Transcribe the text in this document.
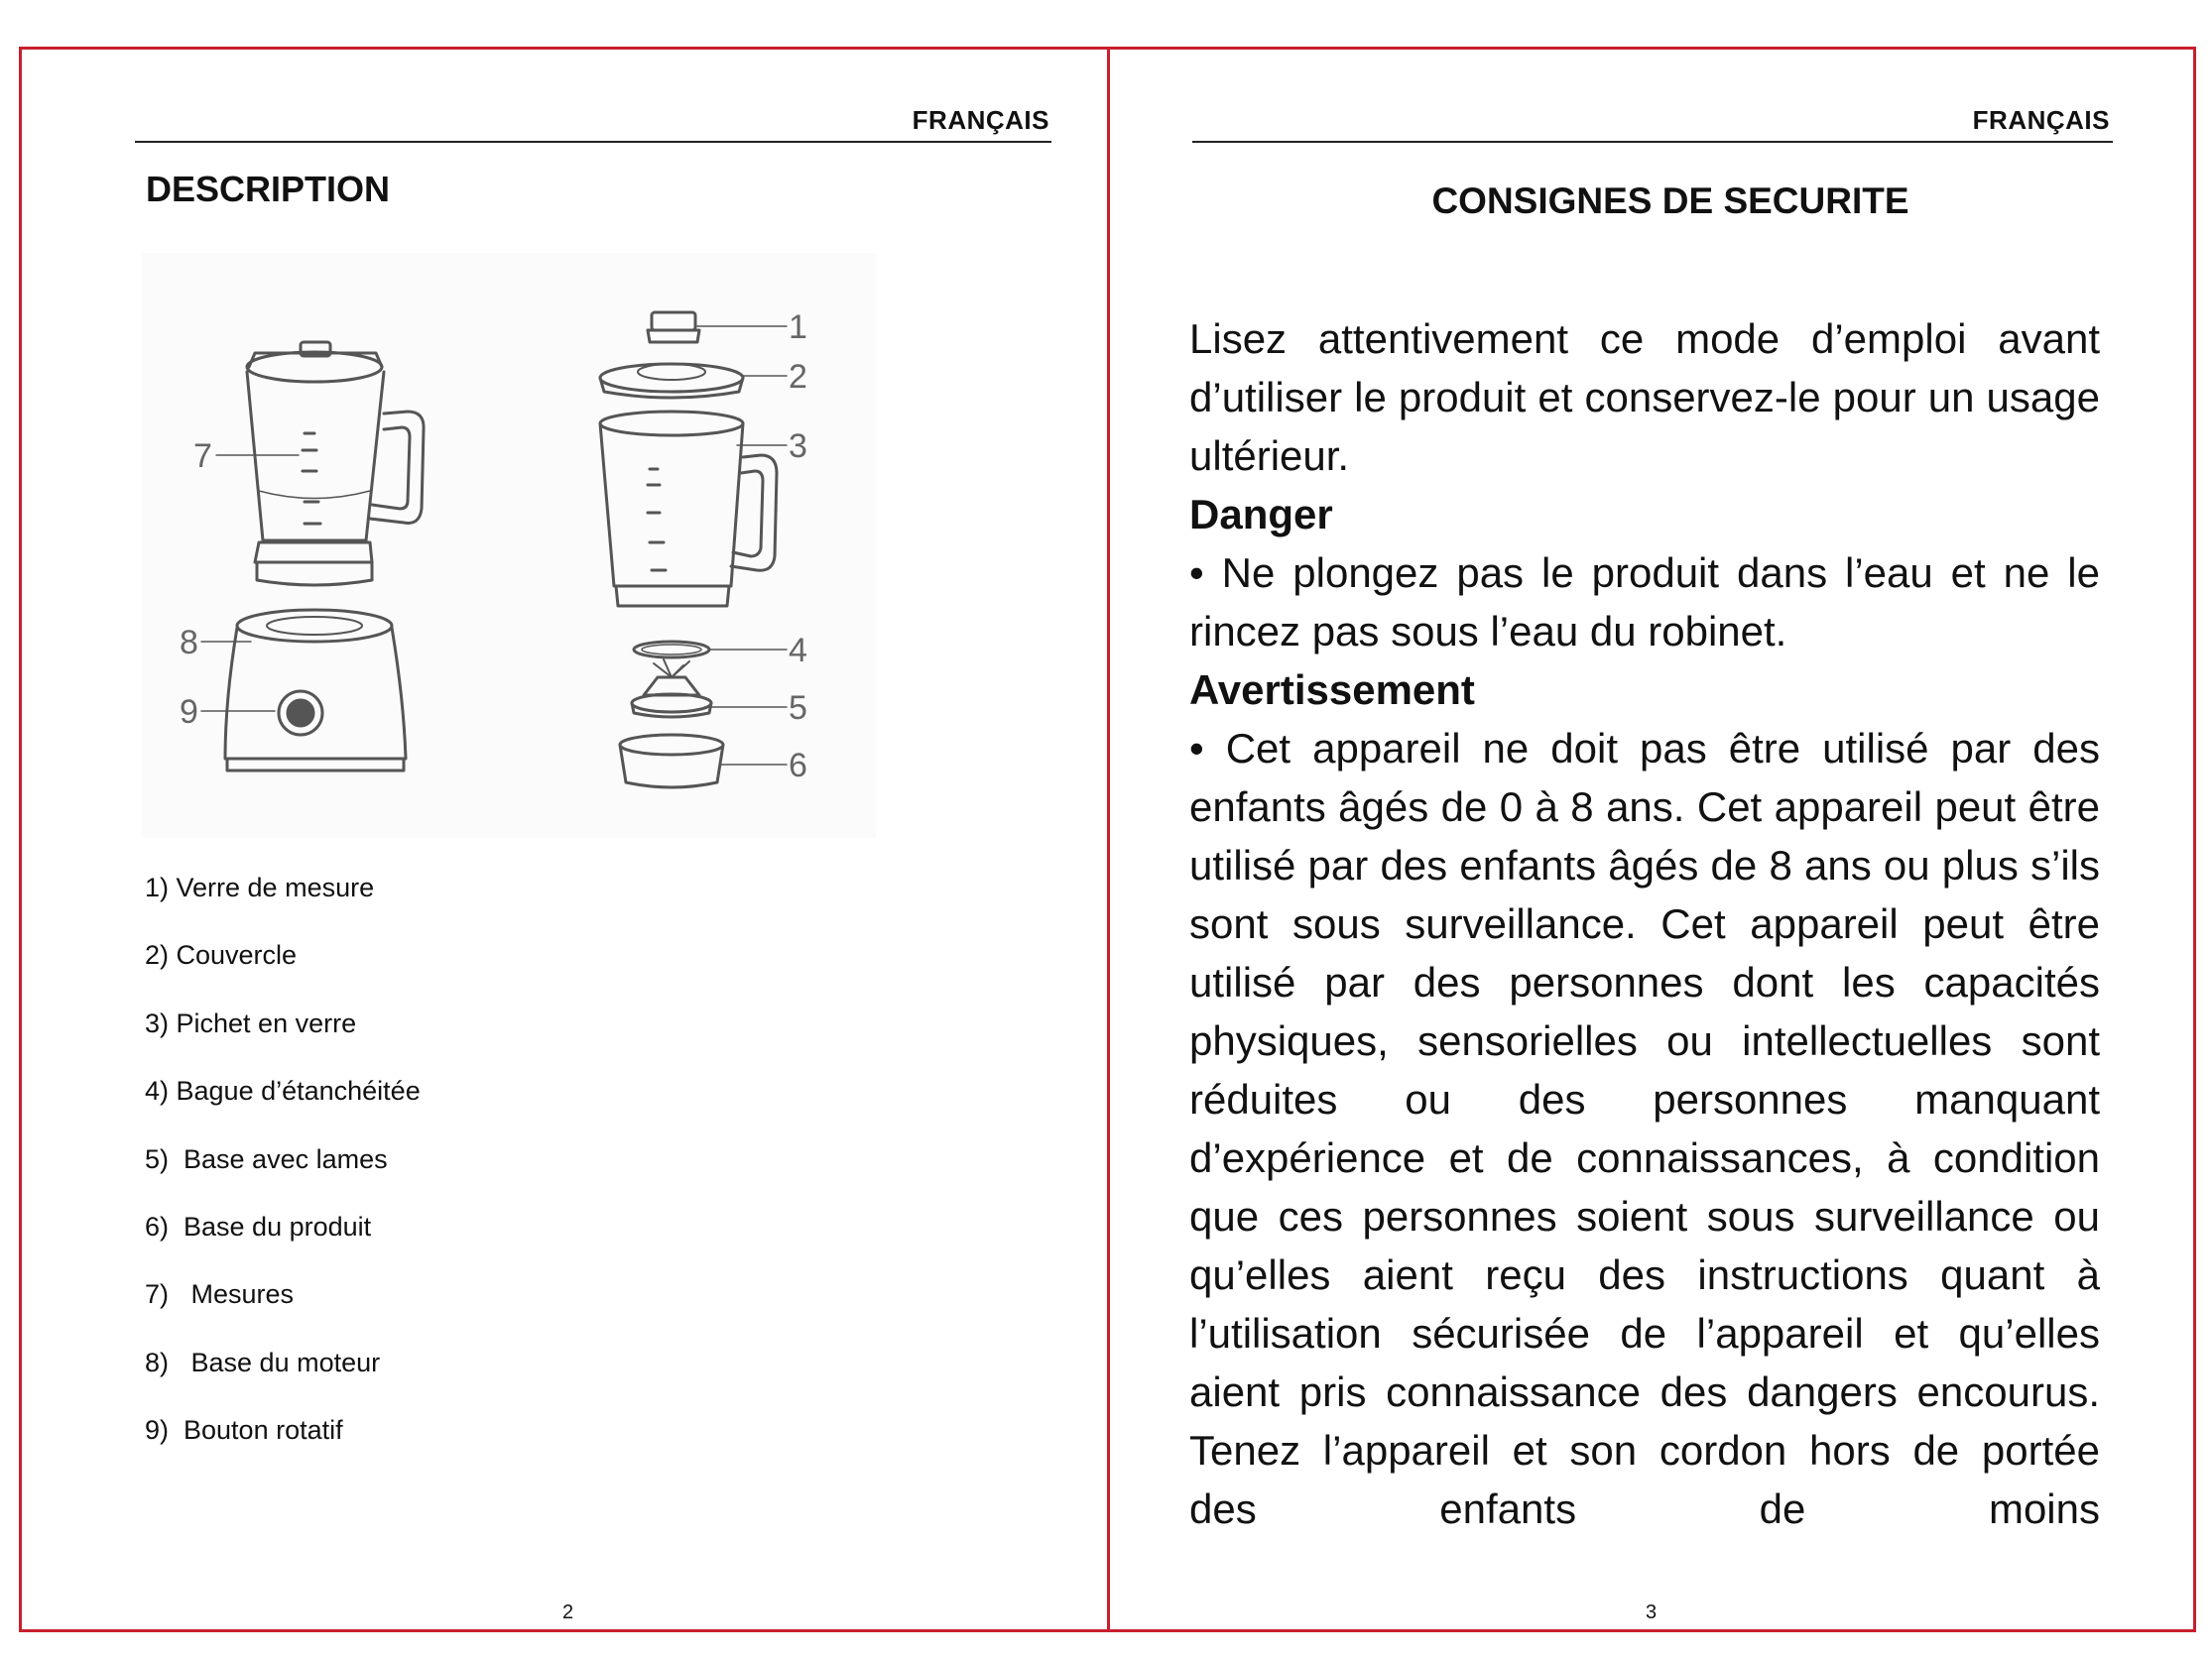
FRANÇAIS
DESCRIPTION
1
2
3
4
5
6
7
8
9
1) Verre de mesure
2) Couvercle
3) Pichet en verre
4) Bague d’étanchéitée
5)  Base avec lames
6)  Base du produit
7)   Mesures
8)   Base du moteur
9)  Bouton rotatif
2
FRANÇAIS
CONSIGNES DE SECURITE

Lisez attentivement ce mode d’emploi avant d’utiliser le produit et conservez-le pour un usage ultérieur.

Danger

• Ne plongez pas le produit dans l’eau et ne le rincez pas sous l’eau du robinet.

Avertissement

• Cet appareil ne doit pas être utilisé par des enfants âgés de 0 à 8 ans. Cet appareil peut être utilisé par des enfants âgés de 8 ans ou plus s’ils sont sous surveillance. Cet appareil peut être utilisé par des personnes dont les capacités physiques, sensorielles ou intellectuelles sont réduites ou des personnes manquant d’expérience et de connaissances, à condition que ces personnes soient sous surveillance ou qu’elles aient reçu des instructions quant à l’utilisation sécurisée de l’appareil et qu’elles aient pris connaissance des dangers encourus. Tenez l’appareil et son cordon hors de portée des enfants de moins

3
